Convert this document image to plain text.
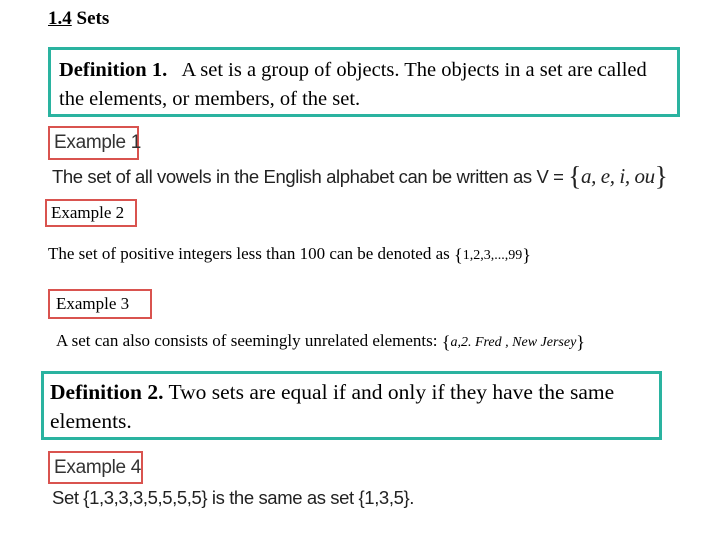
1.4 Sets
Definition 1. A set is a group of objects. The objects in a set are called the elements, or members, of the set.
Example 1
The set of all vowels in the English alphabet can be written as V = {a, e, i, ou}
Example 2
The set of positive integers less than 100 can be denoted as {1,2,3,...,99}
Example 3
A set can also consists of seemingly unrelated elements: {a,2. Fred , New Jersey}
Definition 2. Two sets are equal if and only if they have the same elements.
Example 4
Set {1,3,3,3,5,5,5,5} is the same as set {1,3,5}.
